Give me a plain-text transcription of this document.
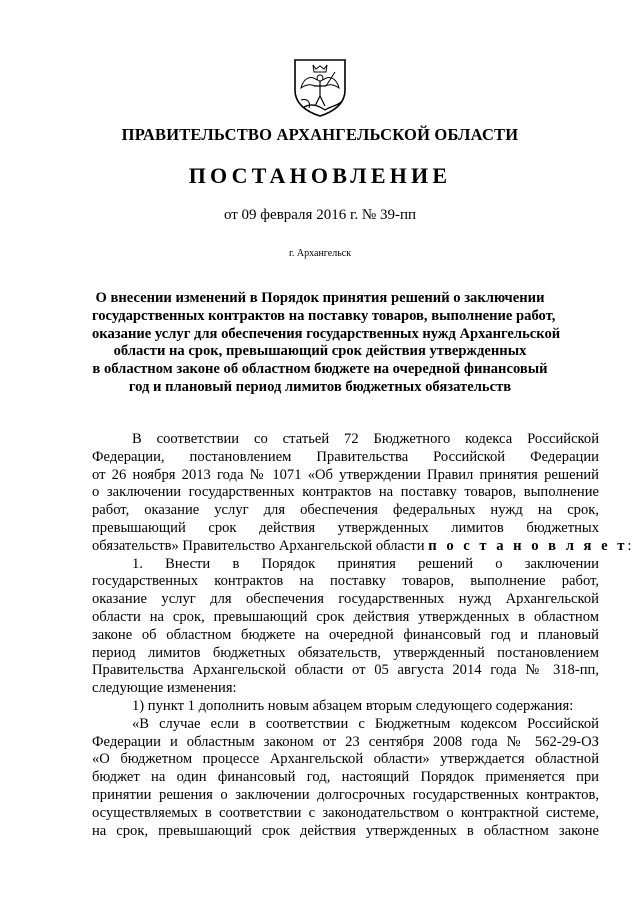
ПРАВИТЕЛЬСТВО АРХАНГЕЛЬСКОЙ ОБЛАСТИ
ПОСТАНОВЛЕНИЕ
от 09 февраля 2016 г. № 39-пп
г. Архангельск
О внесении изменений в Порядок принятия решений о заключении
государственных контрактов на поставку товаров, выполнение работ,
оказание услуг для обеспечения государственных нужд Архангельской
области на срок, превышающий срок действия утвержденных
в областном законе об областном бюджете на очередной финансовый
год и плановый период лимитов бюджетных обязательств
В соответствии со статьей 72 Бюджетного кодекса Российской
Федерации, постановлением Правительства Российской Федерации
от 26 ноября 2013 года № 1071 «Об утверждении Правил принятия решений
о заключении государственных контрактов на поставку товаров, выполнение
работ, оказание услуг для обеспечения федеральных нужд на срок,
превышающий срок действия утвержденных лимитов бюджетных
обязательств» Правительство Архангельской области п о с т а н о в л я е т:
1. Внести в Порядок принятия решений о заключении
государственных контрактов на поставку товаров, выполнение работ,
оказание услуг для обеспечения государственных нужд Архангельской
области на срок, превышающий срок действия утвержденных в областном
законе об областном бюджете на очередной финансовый год и плановый
период лимитов бюджетных обязательств, утвержденный постановлением
Правительства Архангельской области от 05 августа 2014 года № 318-пп,
следующие изменения:
1) пункт 1 дополнить новым абзацем вторым следующего содержания:
«В случае если в соответствии с Бюджетным кодексом Российской
Федерации и областным законом от 23 сентября 2008 года № 562-29-ОЗ
«О бюджетном процессе Архангельской области» утверждается областной
бюджет на один финансовый год, настоящий Порядок применяется при
принятии решения о заключении долгосрочных государственных контрактов,
осуществляемых в соответствии с законодательством о контрактной системе,
на срок, превышающий срок действия утвержденных в областном законе
